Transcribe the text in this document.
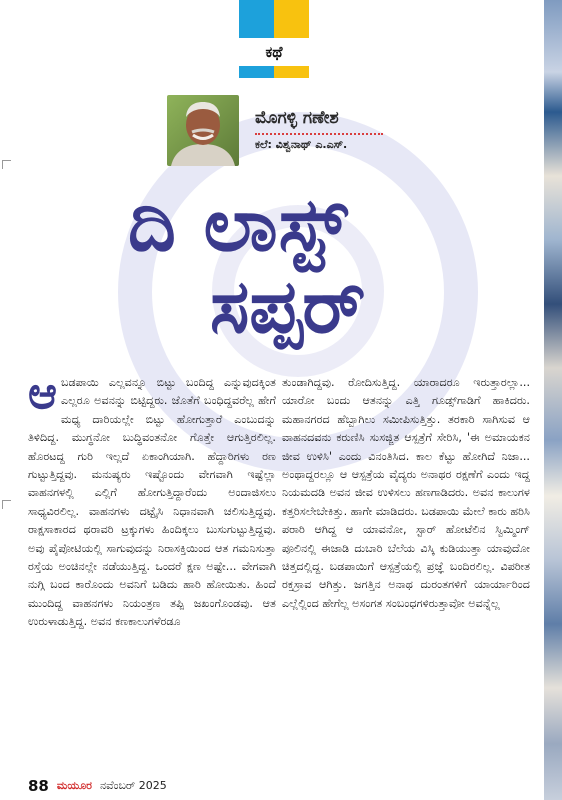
ಕಥೆ
ಮೊಗಳ್ಳಿ ಗಣೇಶ
ಕಲೆ: ವಿಶ್ವನಾಥ್ ಎ.ಎಸ್.
ದಿ ಲಾಸ್ಟ್
ಸಪ್ಪರ್
ಆ ಬಡಪಾಯಿ ಎಲ್ಲವನ್ನೂ ಬಿಟ್ಟು ಬಂದಿದ್ದ ಎನ್ನುವುದಕ್ಕಿಂತ ಎಲ್ಲರೂ ಅವನನ್ನು ಬಿಟ್ಟಿದ್ದರು. ಜೊತೆಗೆ ಬಂಧಿದ್ದವರೆಲ್ಲ ಹೇಗೆ ಮಧ್ಯ ದಾರಿಯಲ್ಲೇ ಬಿಟ್ಟು ಹೋಗುತ್ತಾರೆ ಎಂಬುದನ್ನು ತಿಳಿದಿದ್ದ. ಮುಗ್ಧನೋ ಬುದ್ಧಿವಂತನೋ ಗೊತ್ತೇ ಆಗುತ್ತಿರಲಿಲ್ಲ. ಹೊರಟದ್ದ ಗುರಿ ಇಲ್ಲದೆ ಏಕಾಂಗಿಯಾಗಿ. ಹೆದ್ದಾರಿಗಳು ರಣ ಗುಟ್ಟುತ್ತಿದ್ದವು. ಮನುಷ್ಯರು ಇಷ್ಟೊಂದು ವೇಗವಾಗಿ ಇಷ್ಟೆಲ್ಲಾ ವಾಹನಗಳಲ್ಲಿ ಎಲ್ಲಿಗೆ ಹೋಗುತ್ತಿದ್ದಾರೆಂದು ಅಂದಾಜಿಸಲು ಸಾಧ್ಯವಿರಲಿಲ್ಲ. ವಾಹನಗಳು ದಟ್ಟೈಸಿ ನಿಧಾನವಾಗಿ ಚಲಿಸುತ್ತಿದ್ದವು. ರಾಕ್ಷಸಾಕಾರದ ಥರಾವರಿ ಟ್ರಕ್ಕುಗಳು ಹಿಂದಿಕ್ಕಲು ಬುಸುಗುಟ್ಟುತ್ತಿದ್ದವು. ಅವು ಪೈಪೋಟಿಯಲ್ಲಿ ಸಾಗುವುದನ್ನು ನಿರಾಸಕ್ತಿಯಿಂದ ಆತ ಗಮನಿಸುತ್ತಾ ರಸ್ತೆಯ ಅಂಚಿನಲ್ಲೇ ನಡೆಯುತ್ತಿದ್ದ. ಒಂದರೆ ಕ್ಷಣ ಅಷ್ಟೇ... ವೇಗವಾಗಿ ನುಗ್ಗಿ ಬಂದ ಕಾರೊಂದು ಅವನಿಗೆ ಬಡಿದು ಹಾರಿ ಹೋಯಿತು. ಹಿಂದೆ ಮುಂದಿದ್ದ ವಾಹನಗಳು ನಿಯಂತ್ರಣ ತಪ್ಪಿ ಜಖಂಗೊಂಡವು. ಆತ ಉರುಳಾಡುತ್ತಿದ್ದ. ಅವನ ಕಣಕಾಲುಗಳೆರಡೂ

ತುಂಡಾಗಿದ್ದವು. ರೋದಿಸುತ್ತಿದ್ದ. ಯಾರಾದರೂ ಇರುತ್ತಾರಲ್ಲಾ... ಯಾರೋ ಬಂದು ಆತನನ್ನು ಎತ್ತಿ ಗೂಡ್ಸ್‌ಗಾಡಿಗೆ ಹಾಕಿದರು. ಮಹಾನಗರದ ಹೆಬ್ಬಾಗಿಲು ಸಮೀಪಿಸುತ್ತಿತ್ತು. ತರಕಾರಿ ಸಾಗಿಸುವ ಆ ವಾಹನದವನು ಕರುಣಿಸಿ ಸುಸಜ್ಜಿತ ಆಸ್ಪತ್ರೆಗೆ ಸೇರಿಸಿ, 'ಈ ಅಮಾಯಕನ ಜೀವ ಉಳಿಸಿ' ಎಂದು ವಿನಂತಿಸಿದ. ಕಾಲ ಕೆಟ್ಟು ಹೋಗಿದೆ ನಿಜಾ... ಅಂಥಾದ್ದರಲ್ಲೂ ಆ ಆಸ್ಪತ್ರೆಯ ವೈದ್ಯರು ಅನಾಥರ ರಕ್ಷಣೆಗೆ ಎಂದು ಇದ್ದ ನಿಯಮದಡಿ ಅವನ ಜೀವ ಉಳಿಸಲು ಹಣಗಾಡಿದರು. ಅವನ ಕಾಲುಗಳ ಕತ್ತರಿಸಲೇಬೇಕಿತ್ತು. ಹಾಗೇ ಮಾಡಿದರು. ಬಡಪಾಯಿ ಮೇಲೆ ಕಾರು ಹರಿಸಿ ಪರಾರಿ ಆಗಿದ್ದ ಆ ಯಾವನೋ, ಸ್ಟಾರ್ ಹೋಟೆಲಿನ ಸ್ವಿಮ್ಮಿಂಗ್ ಪೂಲಿನಲ್ಲಿ ಈಜಾಡಿ ದುಬಾರಿ ಬೆಲೆಯ ವಿಸ್ಕಿ ಕುಡಿಯುತ್ತಾ ಯಾವುದೋ ಚಿತ್ತದಲ್ಲಿದ್ದ. ಬಡಪಾಯಿಗೆ ಆಸ್ಪತ್ರೆಯಲ್ಲಿ ಪ್ರಜ್ಞೆ ಬಂದಿರಲಿಲ್ಲ. ವಿಪರೀತ ರಕ್ತಸ್ರಾವ ಆಗಿತ್ತು. ಜಗತ್ತಿನ ಅನಾಥ ದುರಂತಗಳಿಗೆ ಯಾರ್ಯಾರಿಂದ ಎಲ್ಲೆಲ್ಲಿಂದ ಹೇಗೆಲ್ಲ ಅಸಂಗತ ಸಂಬಂಧಗಳಿರುತ್ತಾವೋ ಅವನ್ನೆಲ್ಲ

88 ಮಯೂರ ನವೆಂಬರ್ 2025
